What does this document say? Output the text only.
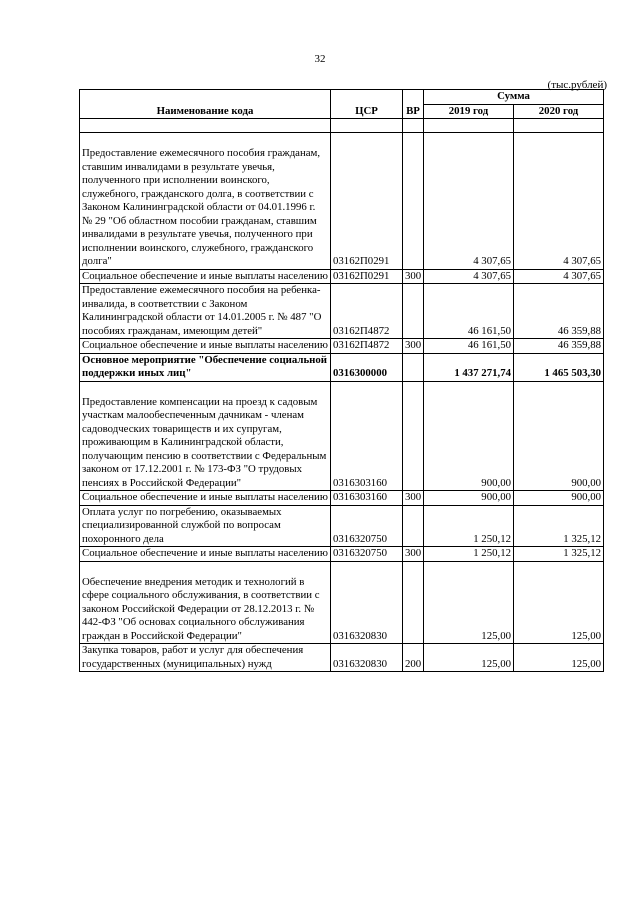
32
(тыс.рублей)
Наименование кода	ЦСР	ВР	Сумма	
			2019 год	2020 год

Предоставление ежемесячного пособия гражданам, ставшим инвалидами в результате увечья, полученного при исполнении воинского, служебного, гражданского долга, в соответствии с Законом Калининградской области от 04.01.1996 г. № 29 "Об областном пособии гражданам, ставшим инвалидами в результате увечья, полученного при исполнении воинского, служебного, гражданского долга"	03162П0291		4 307,65	4 307,65
Социальное обеспечение и иные выплаты населению	03162П0291	300	4 307,65	4 307,65
Предоставление ежемесячного пособия на ребенка-инвалида, в соответствии с Законом Калининградской области от 14.01.2005 г. № 487 "О пособиях гражданам, имеющим детей"	03162П4872		46 161,50	46 359,88
Социальное обеспечение и иные выплаты населению	03162П4872	300	46 161,50	46 359,88
Основное мероприятие "Обеспечение социальной поддержки иных лиц"	0316300000		1 437 271,74	1 465 503,30
Предоставление компенсации на проезд к садовым участкам малообеспеченным дачникам - членам садоводческих товариществ и их супругам, проживающим в Калининградской области, получающим пенсию в соответствии с Федеральным законом от 17.12.2001 г. № 173-ФЗ "О трудовых пенсиях в Российской Федерации"	0316303160		900,00	900,00
Социальное обеспечение и иные выплаты населению	0316303160	300	900,00	900,00
Оплата услуг по погребению, оказываемых специализированной службой по вопросам похоронного дела	0316320750		1 250,12	1 325,12
Социальное обеспечение и иные выплаты населению	0316320750	300	1 250,12	1 325,12
Обеспечение внедрения методик и технологий в сфере социального обслуживания, в соответствии с законом Российской Федерации от 28.12.2013 г. № 442-ФЗ "Об основах социального обслуживания граждан в Российской Федерации"	0316320830		125,00	125,00
Закупка товаров, работ и услуг для обеспечения государственных (муниципальных) нужд	0316320830	200	125,00	125,00
